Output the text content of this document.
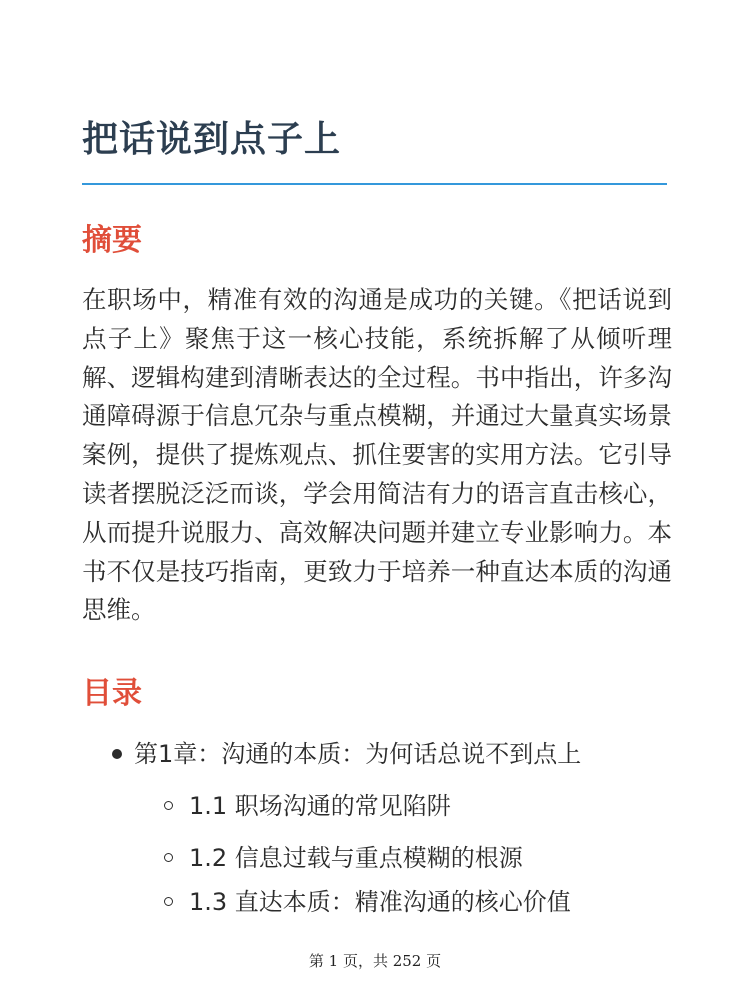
把话说到点子上
摘要

在职场中，精准有效的沟通是成功的关键。《把话说到点子上》聚焦于这一核心技能，系统拆解了从倾听理解、逻辑构建到清晰表达的全过程。书中指出，许多沟通障碍源于信息冗杂与重点模糊，并通过大量真实场景案例，提供了提炼观点、抓住要害的实用方法。它引导读者摆脱泛泛而谈，学会用简洁有力的语言直击核心，从而提升说服力、高效解决问题并建立专业影响力。本书不仅是技巧指南，更致力于培养一种直达本质的沟通思维。

目录
第1章：沟通的本质：为何话总说不到点上
1.1 职场沟通的常见陷阱
1.2 信息过载与重点模糊的根源
1.3 直达本质：精准沟通的核心价值
第 1 页，共 252 页
